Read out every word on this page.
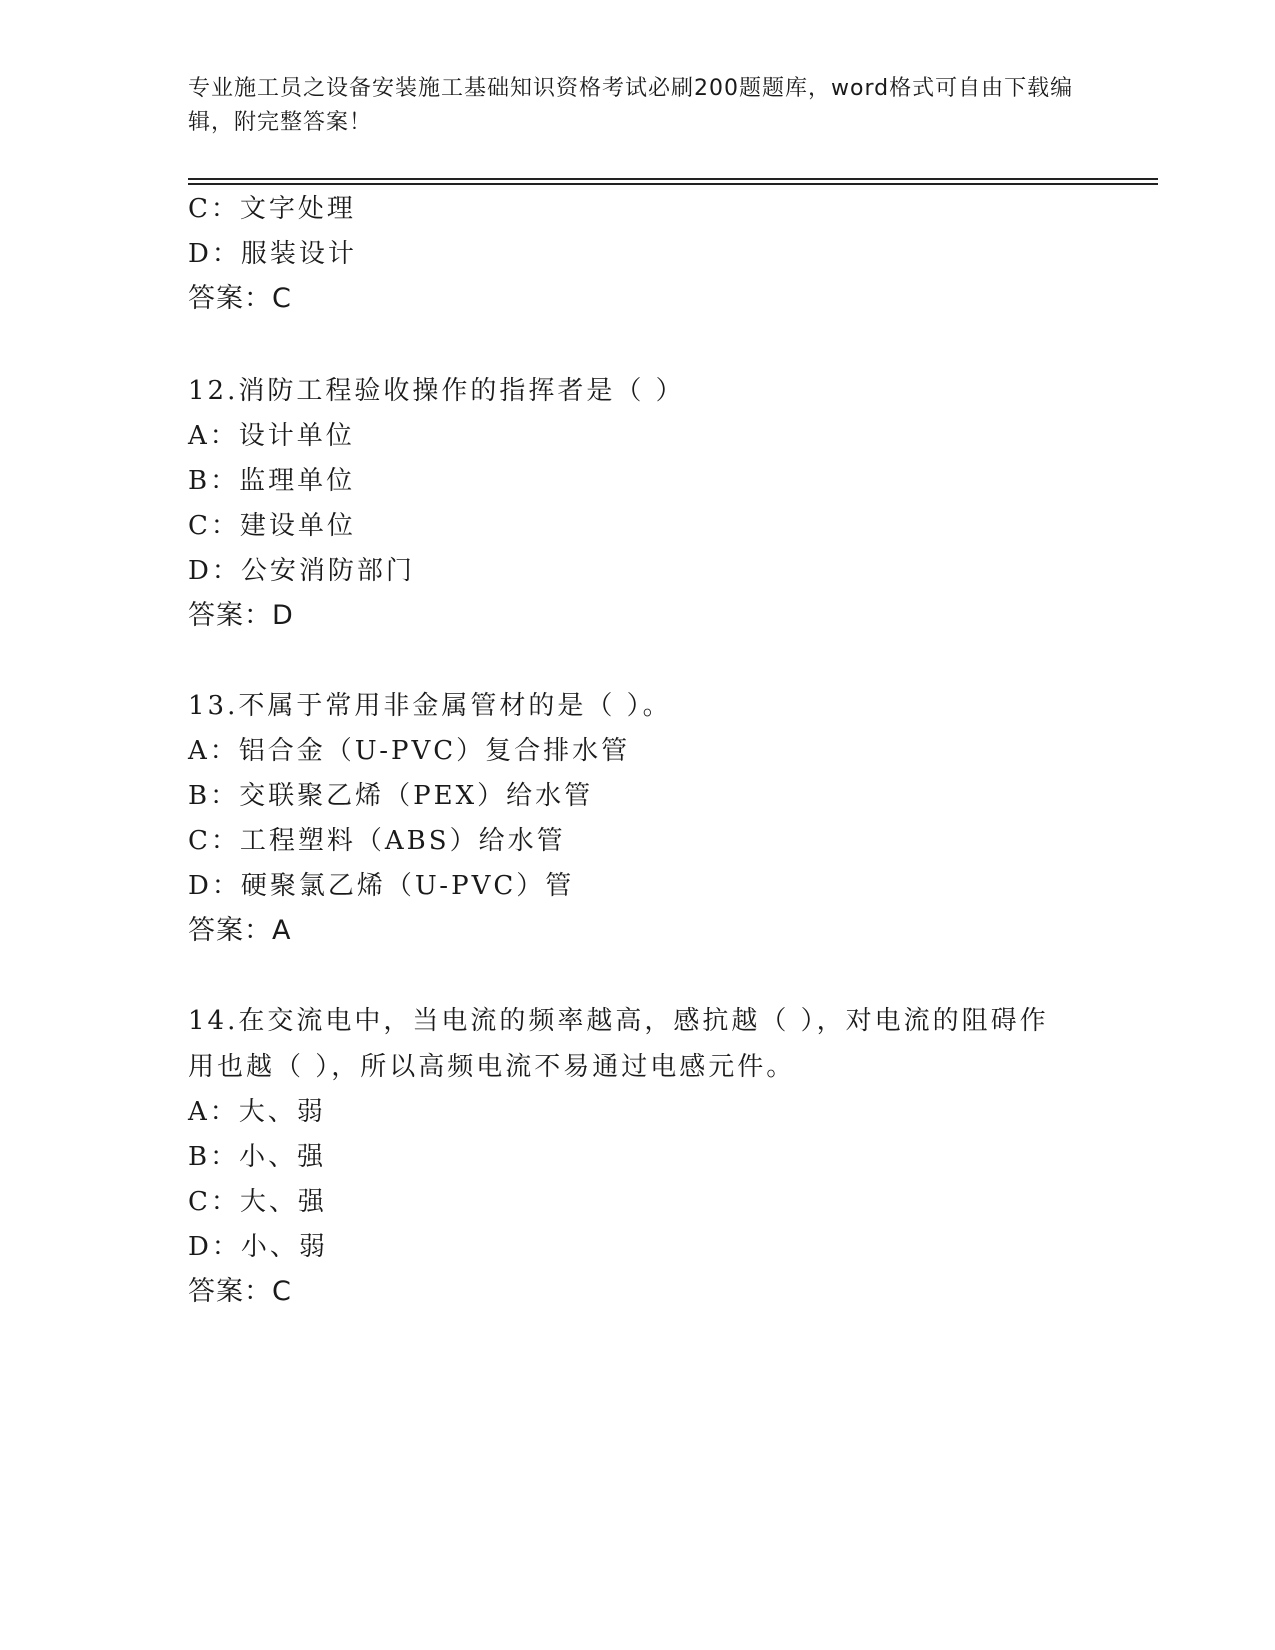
专业施工员之设备安装施工基础知识资格考试必刷200题题库，word格式可自由下载编辑，附完整答案！
C：文字处理
D：服装设计
答案：C
12.消防工程验收操作的指挥者是（ ）
A：设计单位
B：监理单位
C：建设单位
D：公安消防部门
答案：D
13.不属于常用非金属管材的是（ ）。
A：铝合金（U-PVC）复合排水管
B：交联聚乙烯（PEX）给水管
C：工程塑料（ABS）给水管
D：硬聚氯乙烯（U-PVC）管
答案：A
14.在交流电中，当电流的频率越高，感抗越（ ），对电流的阻碍作用也越（ ），所以高频电流不易通过电感元件。
A：大、弱
B：小、强
C：大、强
D：小、弱
答案：C
